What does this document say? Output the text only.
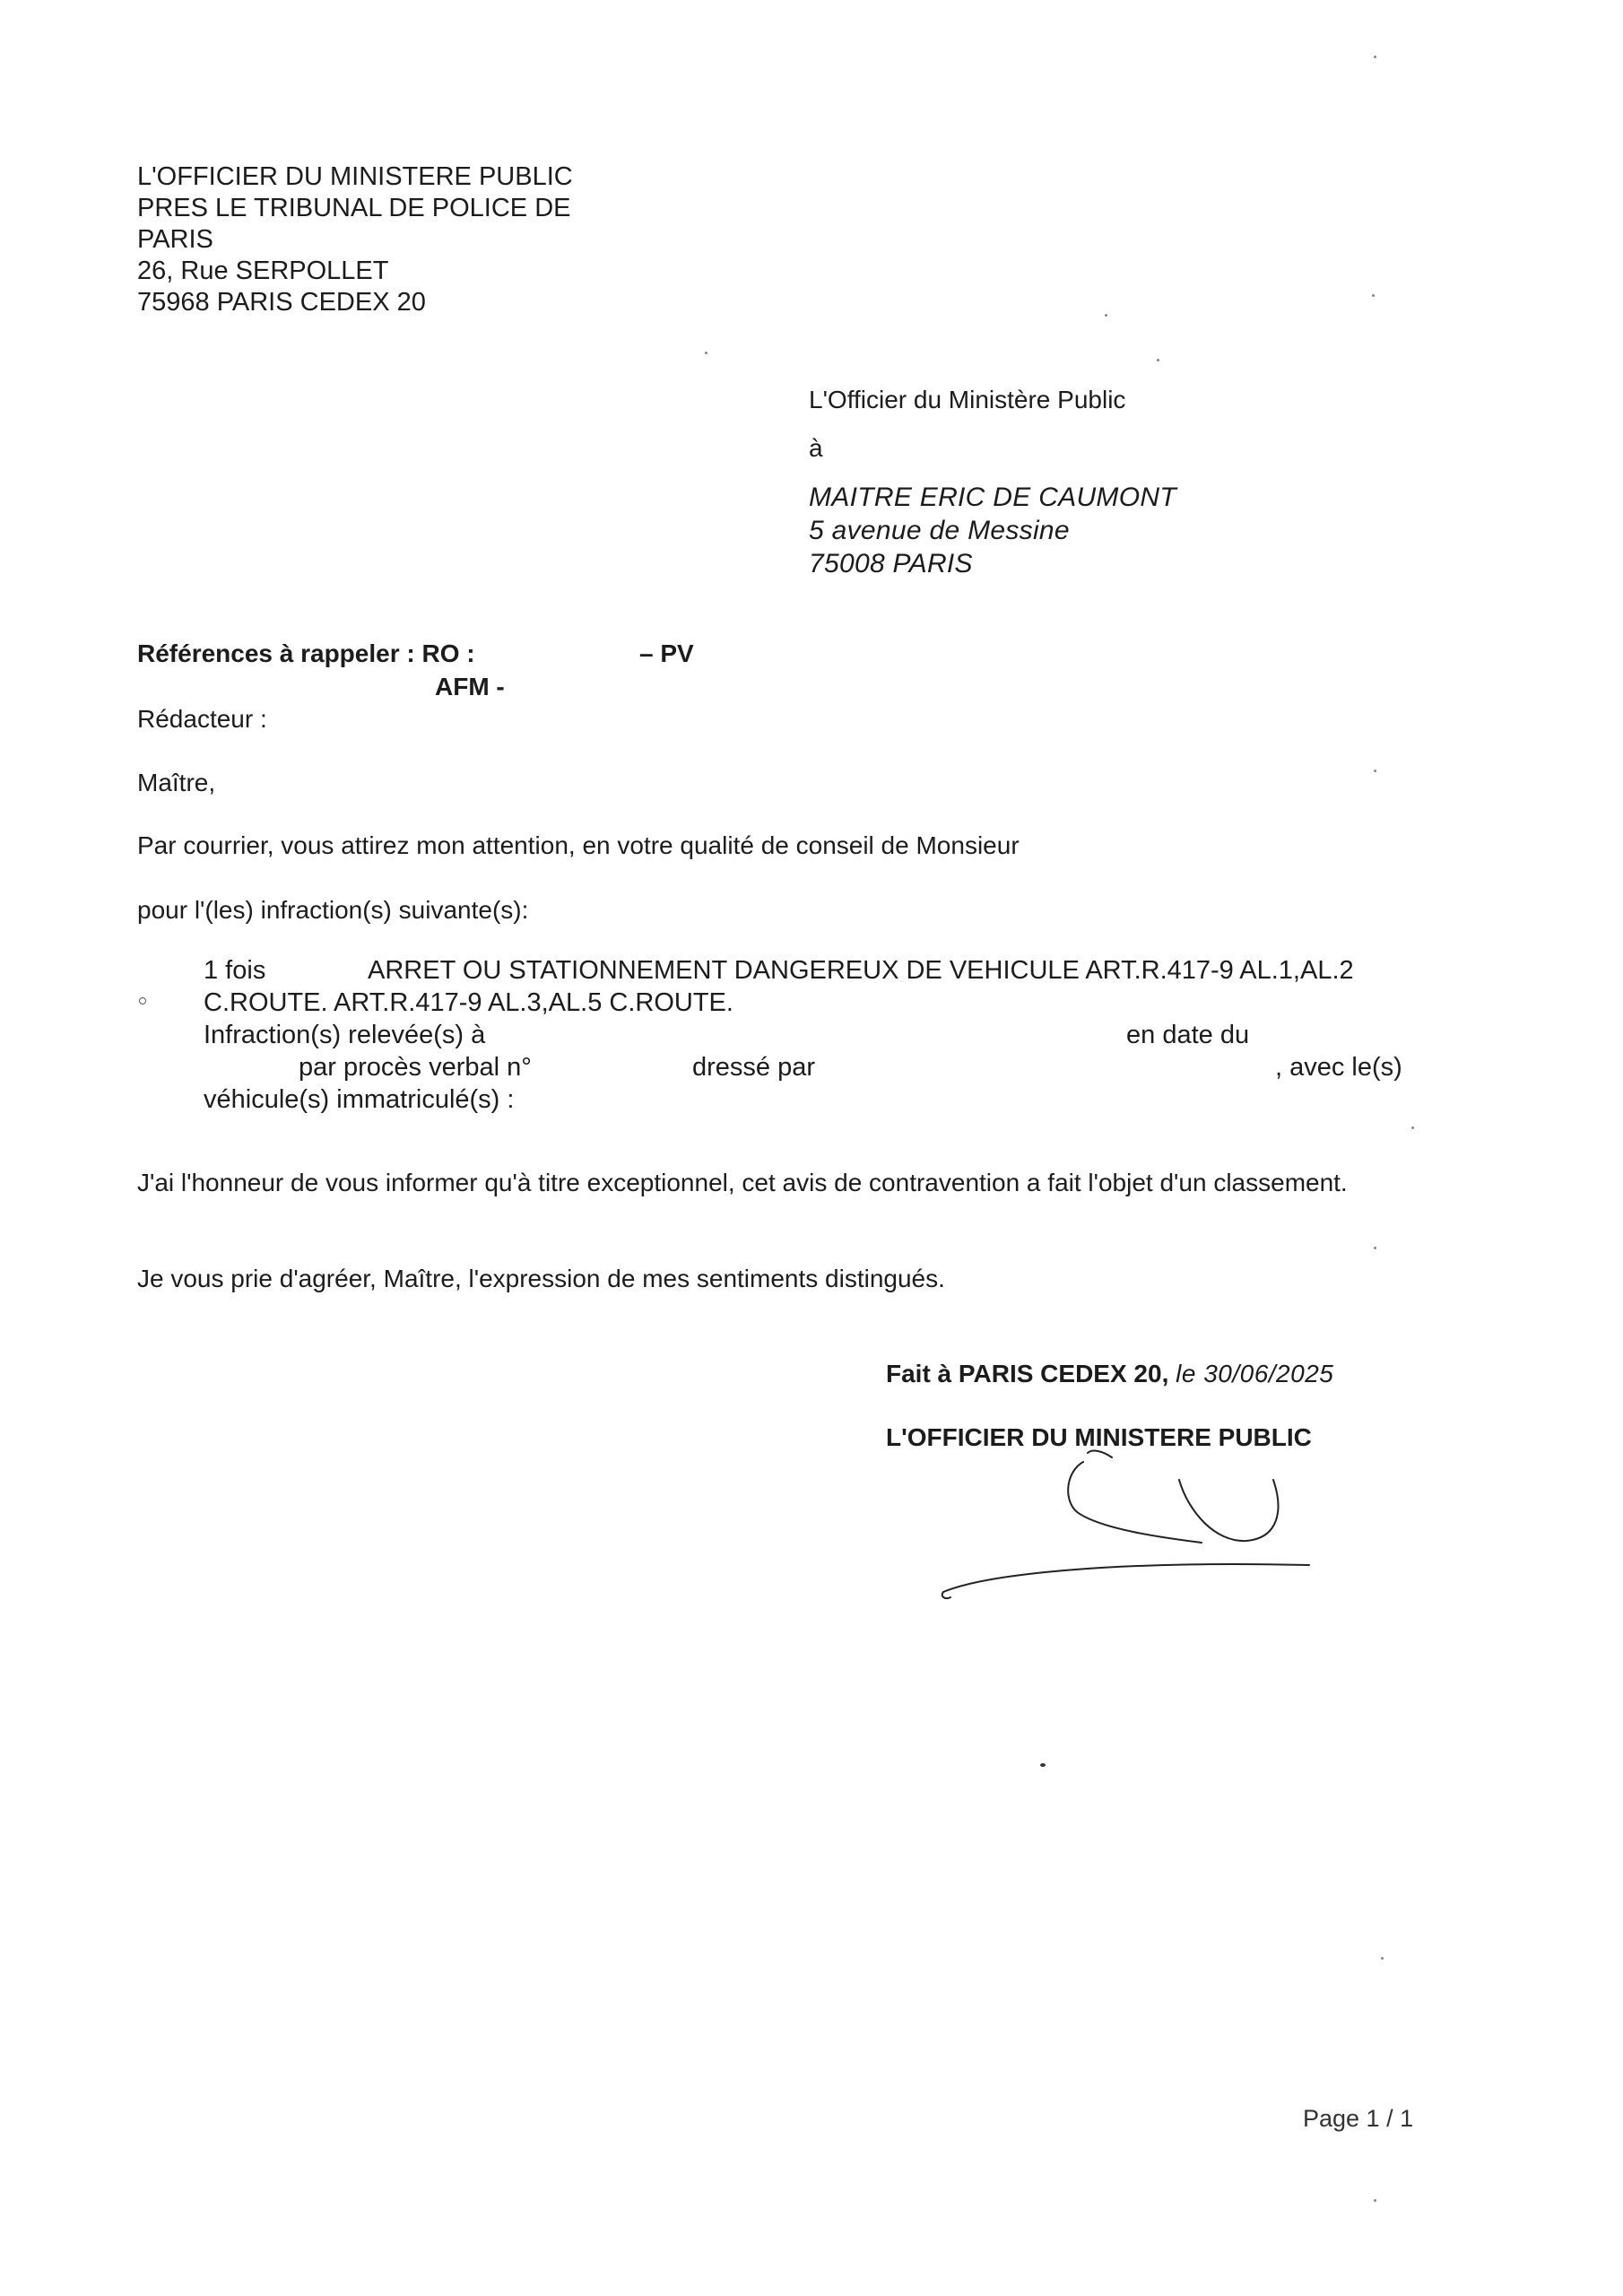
L'OFFICIER DU MINISTERE PUBLIC
PRES LE TRIBUNAL DE POLICE DE
PARIS
26, Rue SERPOLLET
75968 PARIS CEDEX 20
L'Officier du Ministère Public
à
MAITRE ERIC DE CAUMONT
5 avenue de Messine
75008 PARIS
Références à rappeler : RO :	– PV
AFM -
Rédacteur :
Maître,
Par courrier, vous attirez mon attention, en votre qualité de conseil de Monsieur
pour l'(les) infraction(s) suivante(s):
1 fois	ARRET OU STATIONNEMENT DANGEREUX DE VEHICULE ART.R.417-9 AL.1,AL.2
C.ROUTE. ART.R.417-9 AL.3,AL.5 C.ROUTE.
Infraction(s) relevée(s) à	en date du
par procès verbal n°	dressé par	, avec le(s)
véhicule(s) immatriculé(s) :
J'ai l'honneur de vous informer qu'à titre exceptionnel, cet avis de contravention a fait l'objet d'un classement.
Je vous prie d'agréer, Maître, l'expression de mes sentiments distingués.
Fait à PARIS CEDEX 20, le 30/06/2025
L'OFFICIER DU MINISTERE PUBLIC
Page 1 / 1
